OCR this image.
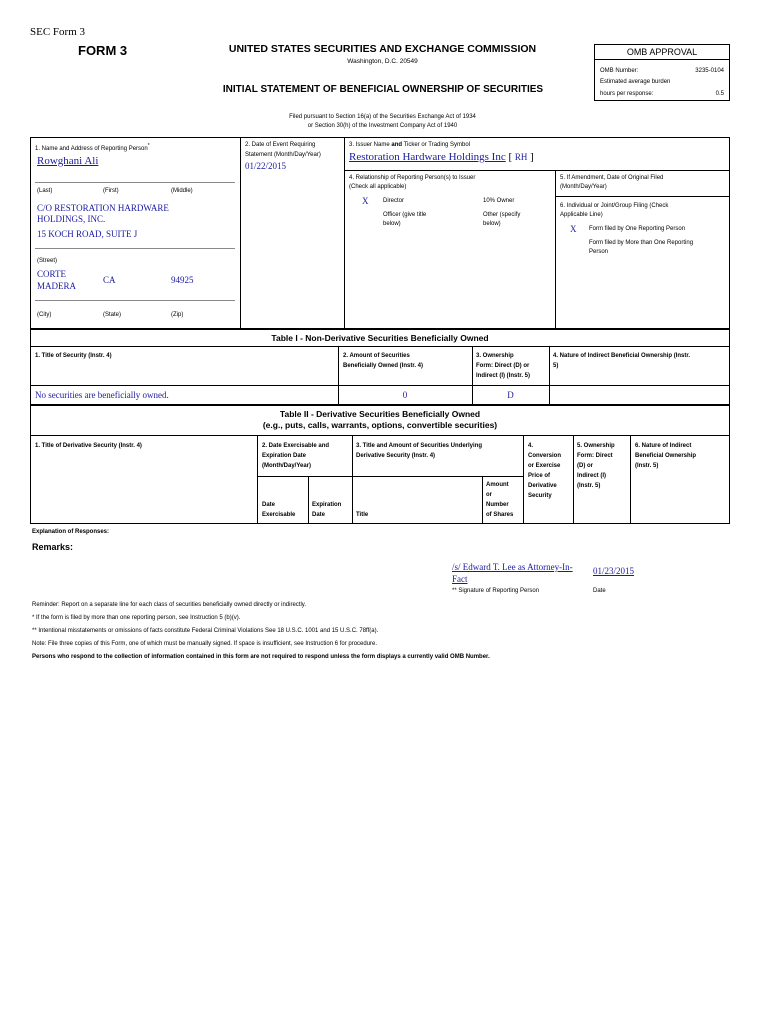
SEC Form 3
FORM 3	UNITED STATES SECURITIES AND EXCHANGE COMMISSION
Washington, D.C. 20549
INITIAL STATEMENT OF BENEFICIAL OWNERSHIP OF SECURITIES
OMB APPROVAL
OMB Number:	3235-0104
Estimated average burden
hours per response:	0.5
Filed pursuant to Section 16(a) of the Securities Exchange Act of 1934
or Section 30(h) of the Investment Company Act of 1940
1. Name and Address of Reporting Person*
Rowghani Ali
(Last)	(First)	(Middle)
C/O RESTORATION HARDWARE
HOLDINGS, INC.
15 KOCH ROAD, SUITE J
(Street)
CORTE
MADERA
CA	94925
(City)	(State)	(Zip)
2. Date of Event Requiring
Statement (Month/Day/Year)
01/22/2015
3. Issuer Name and Ticker or Trading Symbol
Restoration Hardware Holdings Inc [ RH ]
4. Relationship of Reporting Person(s) to Issuer
(Check all applicable)
X Director	10% Owner
Officer (give title
below)
Other (specify
below)
5. If Amendment, Date of Original Filed
(Month/Day/Year)
6. Individual or Joint/Group Filing (Check
Applicable Line)
X Form filed by One Reporting Person
Form filed by More than One Reporting
Person
Table I - Non-Derivative Securities Beneficially Owned
1. Title of Security (Instr. 4)	2. Amount of Securities
Beneficially Owned (Instr. 4)
3. Ownership
Form: Direct (D) or
Indirect (I) (Instr. 5)
4. Nature of Indirect Beneficial Ownership (Instr.
5)
No securities are beneficially owned.	0	D
Table II - Derivative Securities Beneficially Owned
(e.g., puts, calls, warrants, options, convertible securities)
1. Title of Derivative Security (Instr. 4)	2. Date Exercisable and
Expiration Date
(Month/Day/Year)
3. Title and Amount of Securities Underlying
Derivative Security (Instr. 4)
4.
Conversion
or Exercise
Price of
Derivative
Security
5. Ownership
Form: Direct
(D) or
Indirect (I)
(Instr. 5)
6. Nature of Indirect
Beneficial Ownership
(Instr. 5)
Date
Exercisable
Expiration
Date	Title
Amount
or
Number
of Shares
Explanation of Responses:
Remarks:
/s/ Edward T. Lee as Attorney-In-
Fact
01/23/2015
** Signature of Reporting Person	Date
Reminder: Report on a separate line for each class of securities beneficially owned directly or indirectly.
* If the form is filed by more than one reporting person, see Instruction 5 (b)(v).
** Intentional misstatements or omissions of facts constitute Federal Criminal Violations See 18 U.S.C. 1001 and 15 U.S.C. 78ff(a).
Note: File three copies of this Form, one of which must be manually signed. If space is insufficient, see Instruction 6 for procedure.
Persons who respond to the collection of information contained in this form are not required to respond unless the form displays a currently valid OMB Number.
